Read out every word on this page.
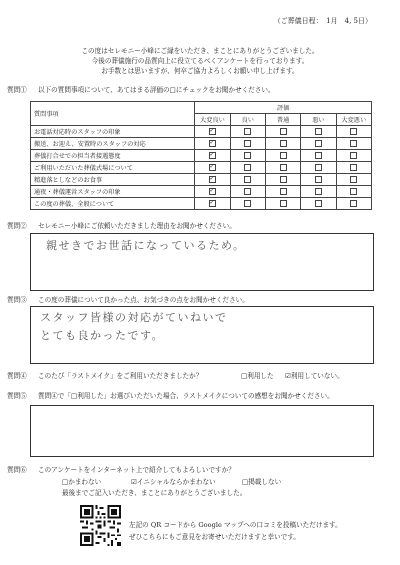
（ご葬儀日程：　1月　4, 5日）
この度はセレモニー小峰にご縁をいただき、まことにありがとうございました。
今後の葬儀施行の品質向上に役立てるべくアンケートを行っております。
お手数とは思いますが、何卒ご協力よろしくお願い申し上げます。
質問① 以下の質問事項について、あてはまる評価の□にチェックをお聞かせください。
質問事項	評価				
	大変良い	良い	普通	悪い	大変悪い
お電話対応時のスタッフの印象	✓				
搬送、お迎え、安置時のスタッフの対応	✓				
葬儀打合せでの担当者接遇態度	✓				
ご利用いただいた葬儀式場について	✓				
精進落としなどのお食事	✓				
通夜・葬儀運営スタッフの印象	✓				
この度の葬儀、全般について	✓				
質問② セレモニー小峰にご依頼いただきました理由をお聞かせください。
親せきでお世話になっているため。
質問③ この度の葬儀について良かった点、お気づきの点をお聞かせください。
スタッフ皆様の対応がていねいで
とても良かったです。
質問④ このたび「ラストメイク」をご利用いただきましたか？	□利用した ☑利用していない。
質問⑤ 質問④で「□利用した」お選びいただいた場合、ラストメイクについての感想をお聞かせください。
質問⑥ このアンケートをインターネット上で紹介してもよろしいですか？
□かまわない	☑イニシャルならかまわない	□掲載しない
最後までご記入いただき、まことにありがとうございました。
左記の QR コードから Google マップへの口コミを投稿いただけます。
ぜひこちらにもご意見をお寄せいただけますと幸いです。
